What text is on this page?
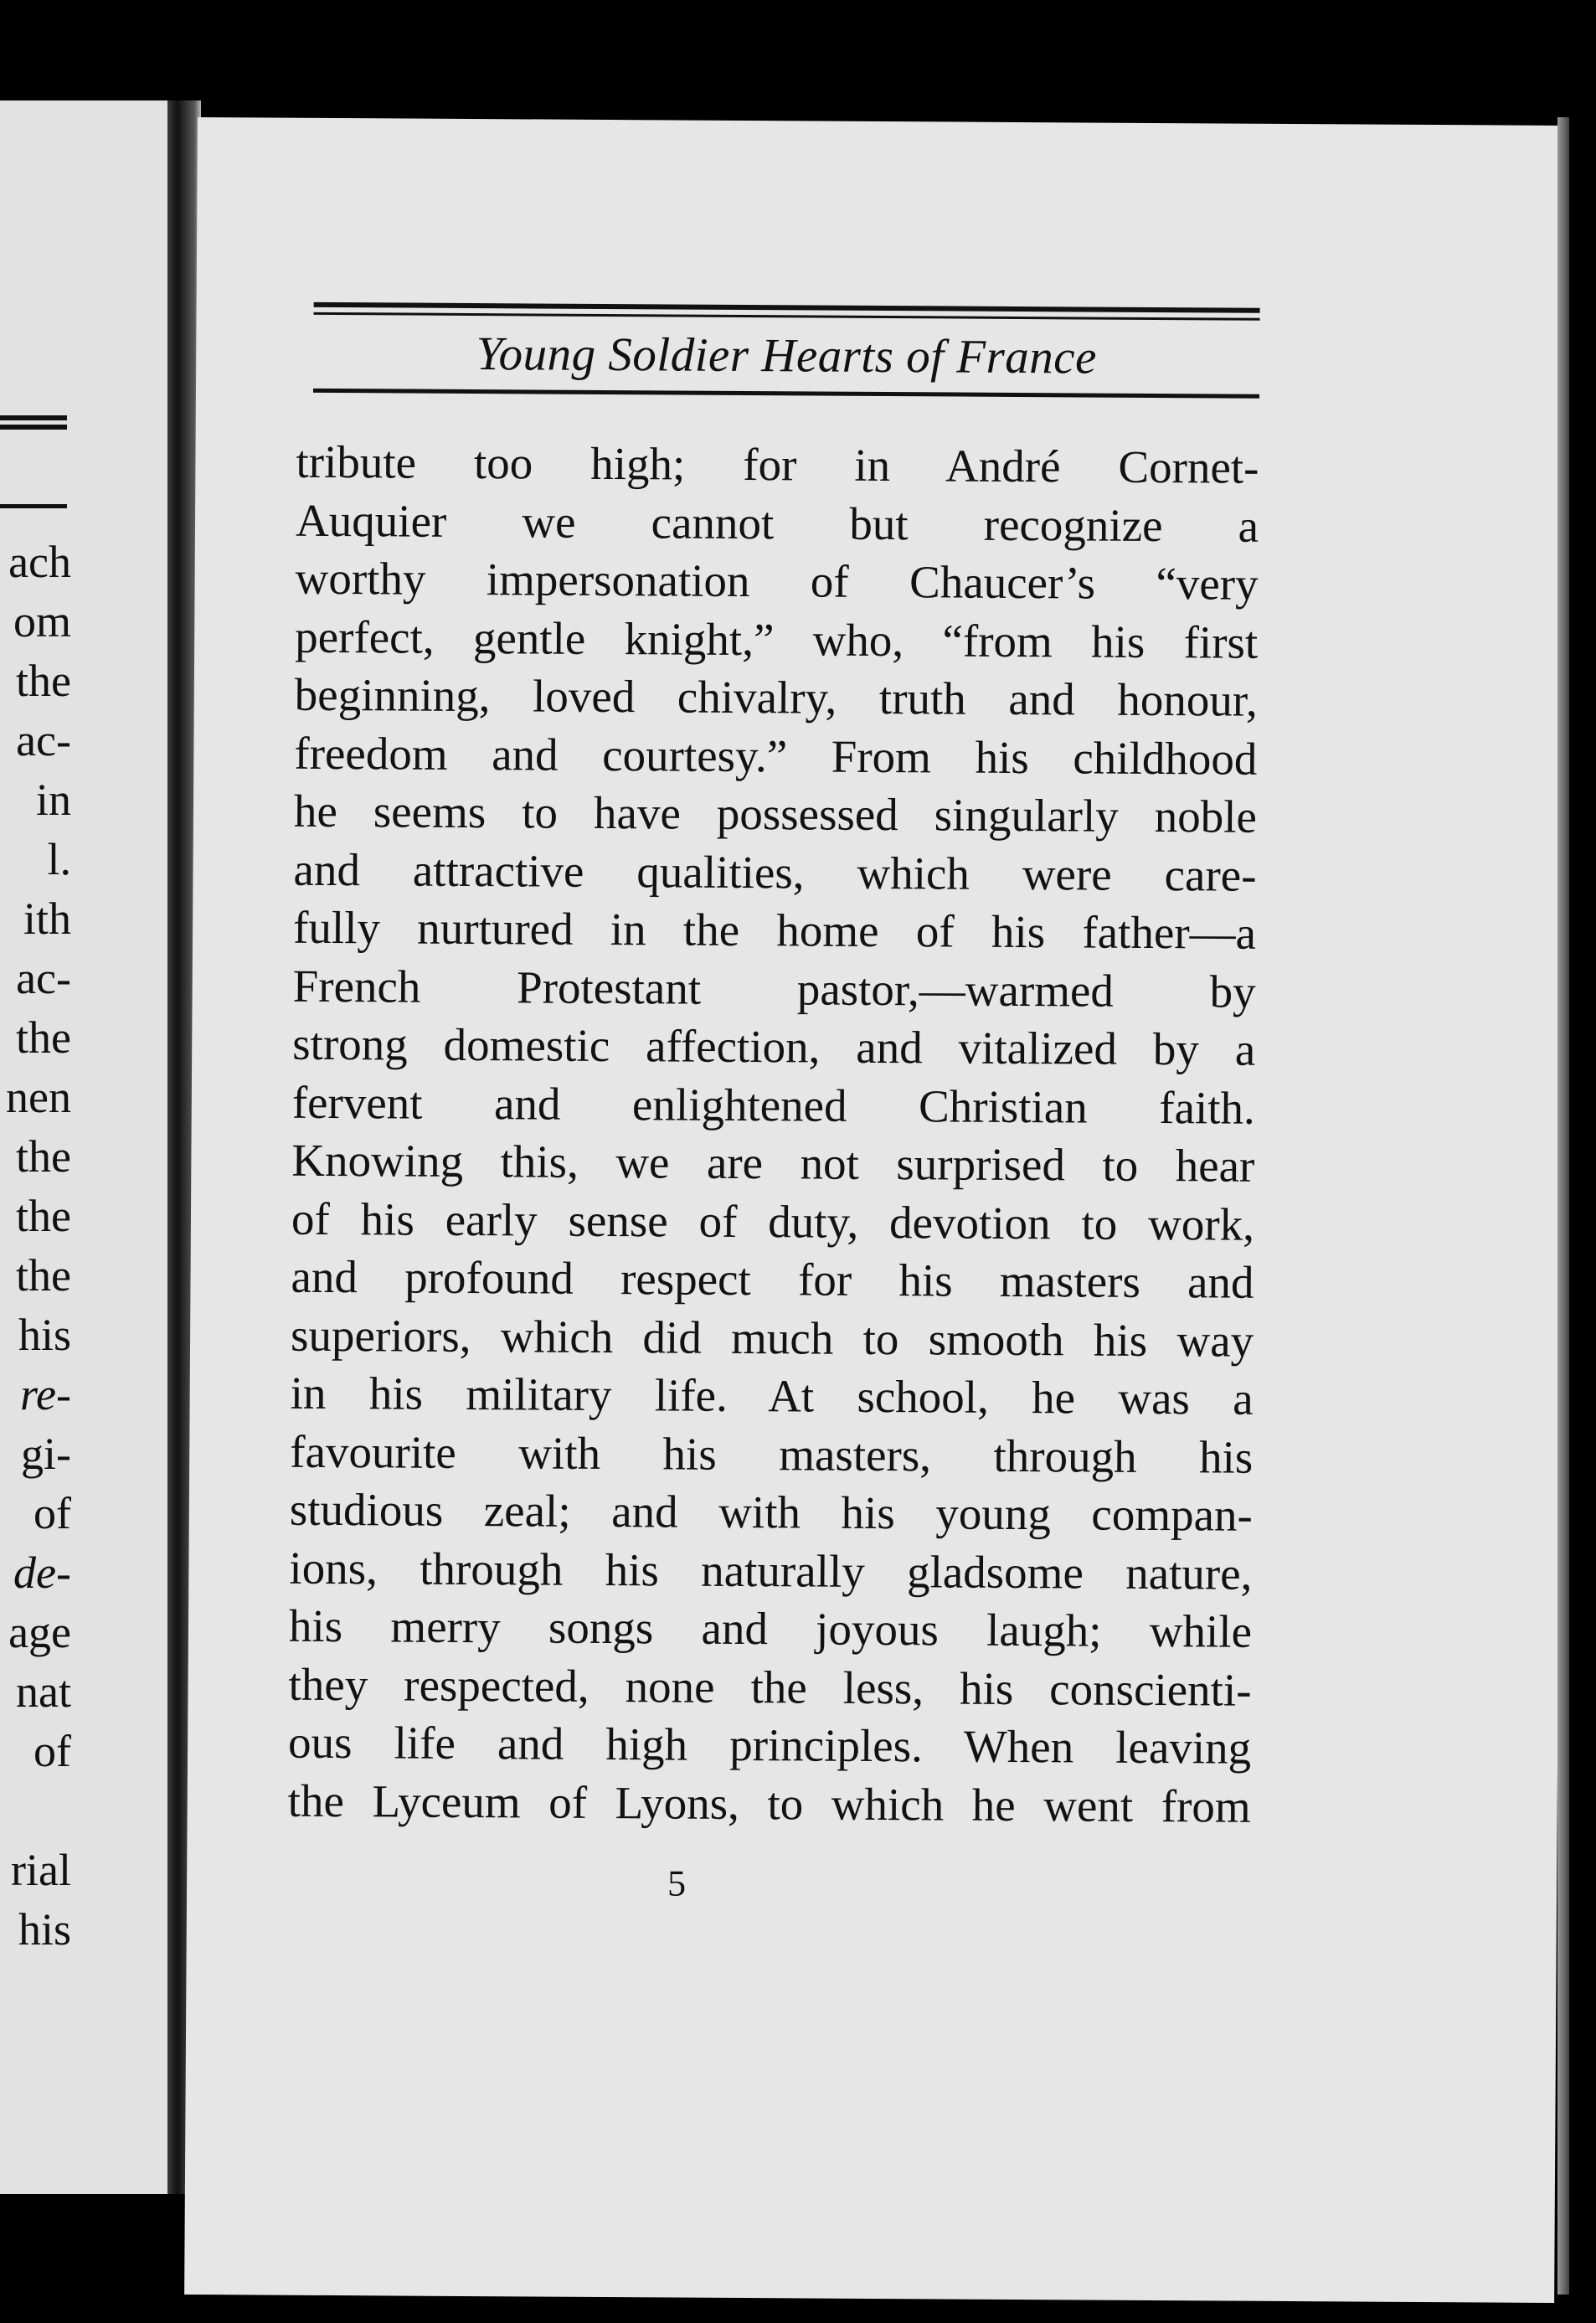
ach
om
the
ac-
in
l.
ith
ac-
the
nen
the
the
the
his
re-
gi-
of
de-
age
nat
of
rial
his
Young Soldier Hearts of France
tribute too high; for in André Cornet-
Auquier we cannot but recognize a
worthy impersonation of Chaucer’s “very
perfect, gentle knight,” who, “from his first
beginning, loved chivalry, truth and honour,
freedom and courtesy.” From his childhood
he seems to have possessed singularly noble
and attractive qualities, which were care-
fully nurtured in the home of his father—a
French Protestant pastor,—warmed by
strong domestic affection, and vitalized by a
fervent and enlightened Christian faith.
Knowing this, we are not surprised to hear
of his early sense of duty, devotion to work,
and profound respect for his masters and
superiors, which did much to smooth his way
in his military life. At school, he was a
favourite with his masters, through his
studious zeal; and with his young compan-
ions, through his naturally gladsome nature,
his merry songs and joyous laugh; while
they respected, none the less, his conscienti-
ous life and high principles. When leaving
the Lyceum of Lyons, to which he went from
5
